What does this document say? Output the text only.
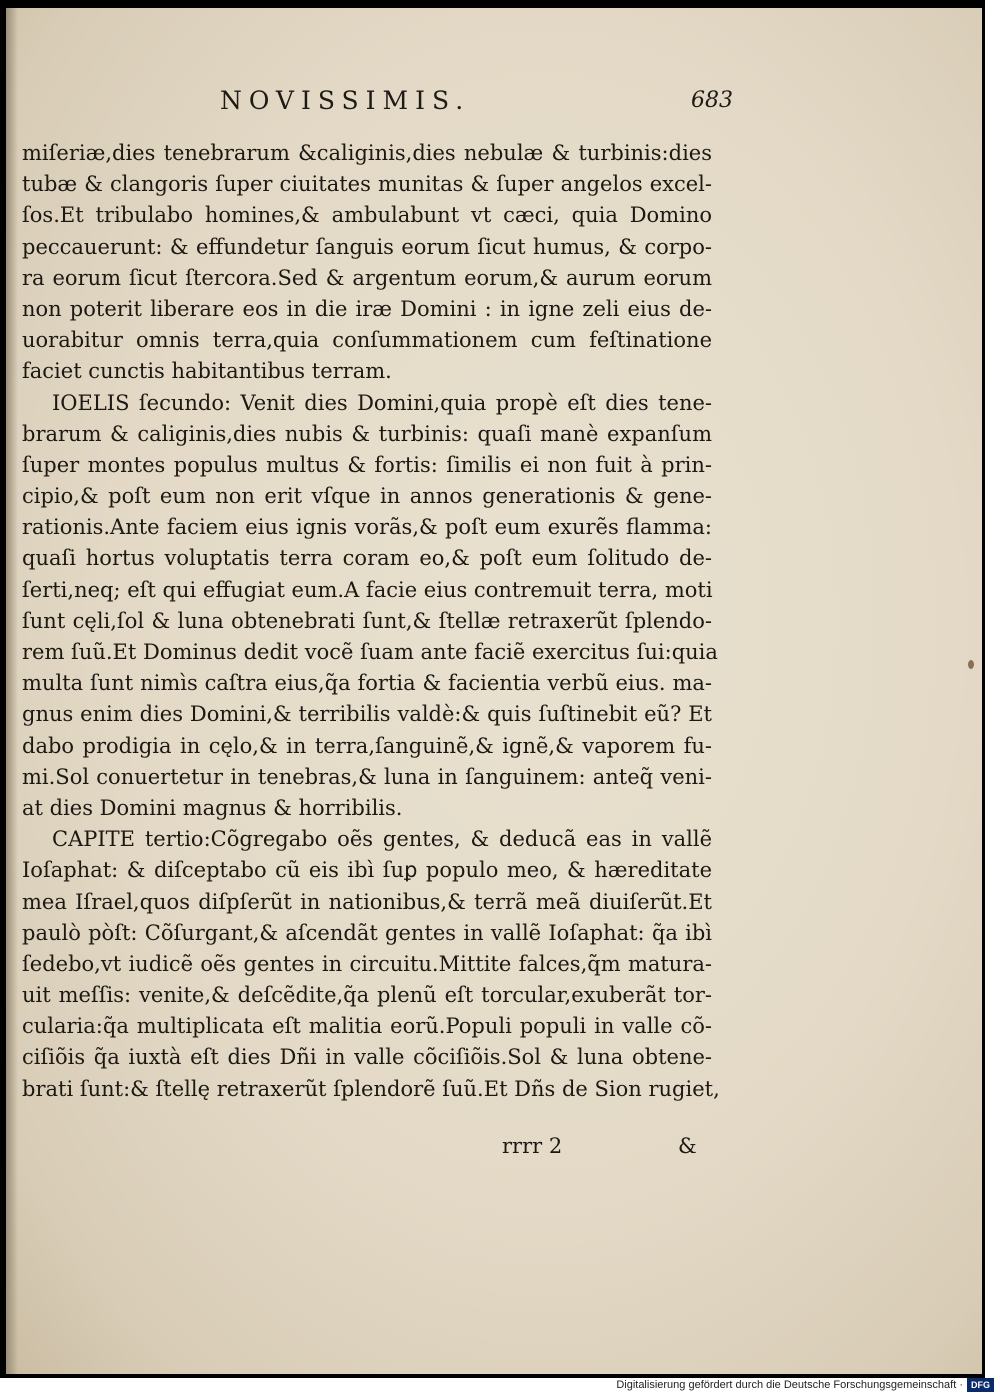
NOVISSIMIS.	683
miſeriæ,dies tenebrarum &caliginis,dies nebulæ & turbinis:dies
tubæ & clangoris ſuper ciuitates munitas & ſuper angelos excel-
ſos.Et tribulabo homines,& ambulabunt vt cæci, quia Domino
peccauerunt: & effundetur ſanguis eorum ſicut humus, & corpo-
ra eorum ſicut ſtercora.Sed & argentum eorum,& aurum eorum
non poterit liberare eos in die iræ Domini : in igne zeli eius de-
uorabitur omnis terra,quia conſummationem cum feſtinatione
faciet cunctis habitantibus terram.
IOELIS ſecundo: Venit dies Domini,quia propè eſt dies tene-
brarum & caliginis,dies nubis & turbinis: quaſi manè expanſum
ſuper montes populus multus & fortis: ſimilis ei non fuit à prin-
cipio,& poſt eum non erit vſque in annos generationis & gene-
rationis.Ante faciem eius ignis vorãs,& poſt eum exurẽs flamma:
quaſi hortus voluptatis terra coram eo,& poſt eum ſolitudo de-
ſerti,neq; eſt qui effugiat eum.A facie eius contremuit terra, moti
ſunt cęli,ſol & luna obtenebrati ſunt,& ſtellæ retraxerũt ſplendo-
rem ſuũ.Et Dominus dedit vocẽ ſuam ante faciẽ exercitus ſui:quia
multa ſunt nimìs caſtra eius,q̃a fortia & facientia verbũ eius. ma-
gnus enim dies Domini,& terribilis valdè:& quis ſuſtinebit eũ? Et
dabo prodigia in cęlo,& in terra,ſanguinẽ,& ignẽ,& vaporem fu-
mi.Sol conuertetur in tenebras,& luna in ſanguinem: anteq̃ veni-
at dies Domini magnus & horribilis.
CAPITE tertio:Cõgregabo oẽs gentes, & deducã eas in vallẽ
Ioſaphat: & diſceptabo cũ eis ibì ſuꝑ populo meo, & hæreditate
mea Iſrael,quos diſpſerũt in nationibus,& terrã meã diuiſerũt.Et
paulò pòſt: Cõſurgant,& aſcendãt gentes in vallẽ Ioſaphat: q̃a ibì
ſedebo,vt iudicẽ oẽs gentes in circuitu.Mittite falces,q̃m matura-
uit meſſis: venite,& deſcẽdite,q̃a plenũ eſt torcular,exuberãt tor-
cularia:q̃a multiplicata eſt malitia eorũ.Populi populi in valle cõ-
ciſiõis q̃a iuxtà eſt dies Dñi in valle cõciſiõis.Sol & luna obtene-
brati ſunt:& ſtellę retraxerũt ſplendorẽ ſuũ.Et Dñs de Sion rugiet,
rrrr 2	&
Digitalisierung gefördert durch die Deutsche Forschungsgemeinschaft · DFG
